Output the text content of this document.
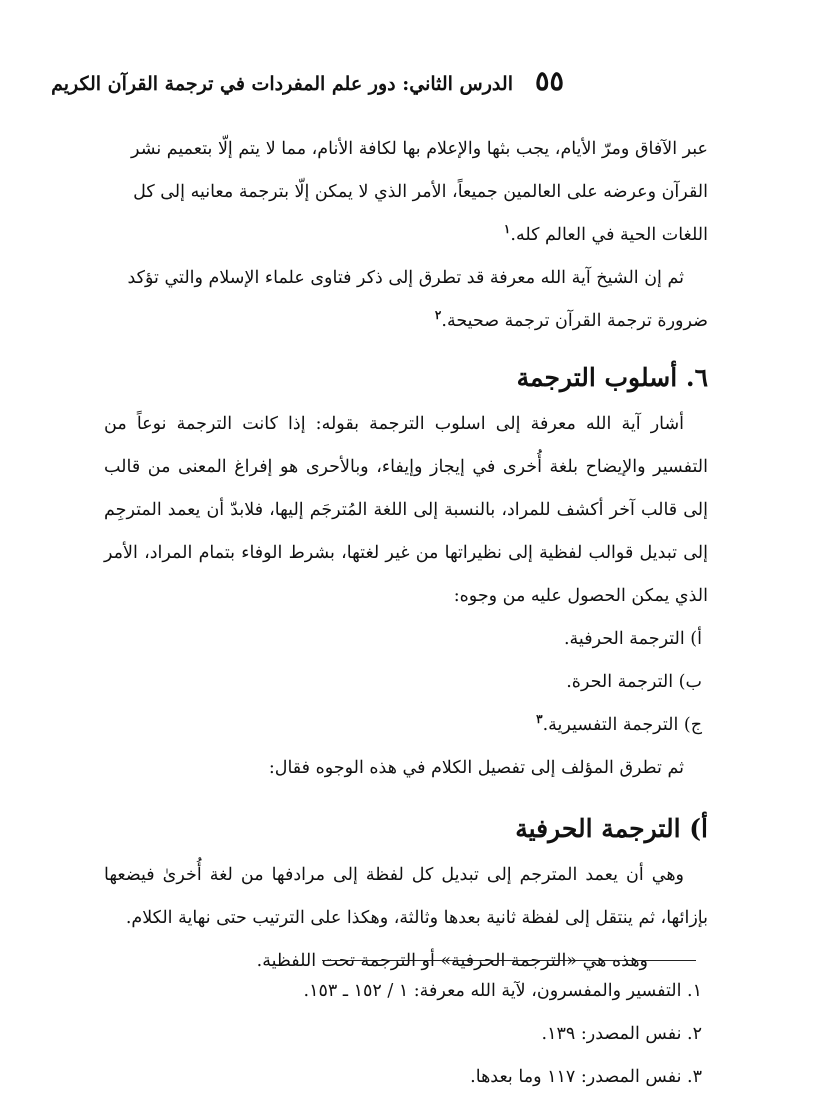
٥٥
الدرس الثاني: دور علم المفردات في ترجمة القرآن الكريم

عبر الآفاق ومرّ الأيام، يجب بثها والإعلام بها لكافة الأنام، مما لا يتم إلّا بتعميم نشر القرآن وعرضه على العالمين جميعاً، الأمر الذي لا يمكن إلّا بترجمة معانيه إلى كل اللغات الحية في العالم كله.$^١$

ثم إن الشيخ آية الله معرفة قد تطرق إلى ذكر فتاوى علماء الإسلام والتي تؤكد ضرورة ترجمة القرآن ترجمة صحيحة.$^٢$

٦. أسلوب الترجمة

أشار آية الله معرفة إلى اسلوب الترجمة بقوله: إذا كانت الترجمة نوعاً من التفسير والإيضاح بلغة أُخرى في إيجاز وإيفاء، وبالأحرى هو إفراغ المعنى من قالب إلى قالب آخر أكشف للمراد، بالنسبة إلى اللغة المُترجَم إليها، فلابدّ أن يعمد المترجِم إلى تبديل قوالب لفظية إلى نظيراتها من غير لغتها، بشرط الوفاء بتمام المراد، الأمر الذي يمكن الحصول عليه من وجوه:

أ) الترجمة الحرفية.
ب) الترجمة الحرة.
ج) الترجمة التفسيرية.$^٣$

ثم تطرق المؤلف إلى تفصيل الكلام في هذه الوجوه فقال:

أ) الترجمة الحرفية

وهي أن يعمد المترجم إلى تبديل كل لفظة إلى مرادفها من لغة أُخرىٰ فيضعها بإزائها، ثم ينتقل إلى لفظة ثانية بعدها وثالثة، وهكذا على الترتيب حتى نهاية الكلام.

وهذه هي «الترجمة الحرفية» أو الترجمة تحت اللفظية.

١. التفسير والمفسرون، لآية الله معرفة: ١ / ١٥٢ ـ ١٥٣.

٢. نفس المصدر: ١٣٩.

٣. نفس المصدر: ١١٧ وما بعدها.
